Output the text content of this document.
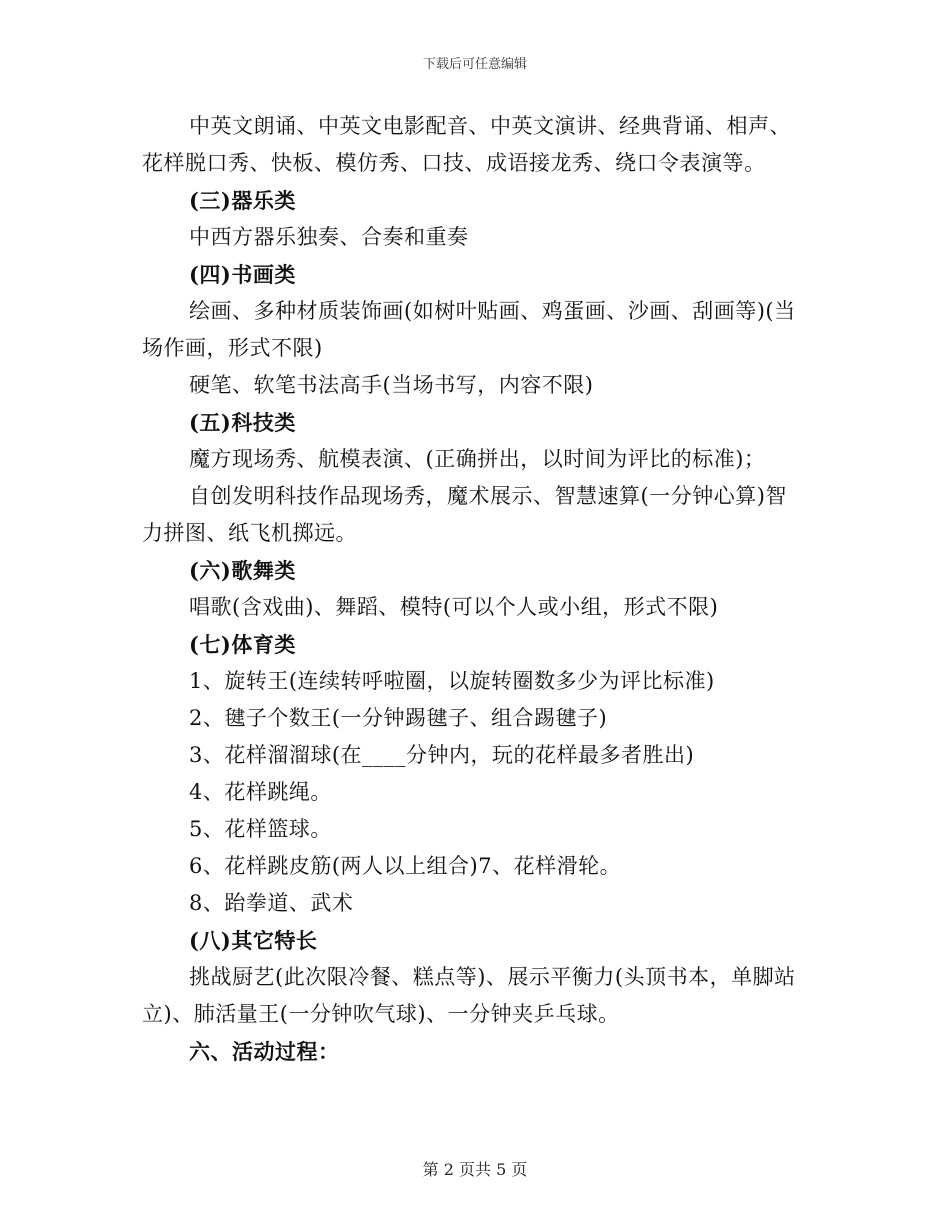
下载后可任意编辑
中英文朗诵、中英文电影配音、中英文演讲、经典背诵、相声、
花样脱口秀、快板、模仿秀、口技、成语接龙秀、绕口令表演等。
(三)器乐类
中西方器乐独奏、合奏和重奏
(四)书画类
绘画、多种材质装饰画(如树叶贴画、鸡蛋画、沙画、刮画等)(当
场作画，形式不限)
硬笔、软笔书法高手(当场书写，内容不限)
(五)科技类
魔方现场秀、航模表演、(正确拼出，以时间为评比的标准)；
自创发明科技作品现场秀，魔术展示、智慧速算(一分钟心算)智
力拼图、纸飞机掷远。
(六)歌舞类
唱歌(含戏曲)、舞蹈、模特(可以个人或小组，形式不限)
(七)体育类
1、旋转王(连续转呼啦圈，以旋转圈数多少为评比标准)
2、毽子个数王(一分钟踢毽子、组合踢毽子)
3、花样溜溜球(在____分钟内，玩的花样最多者胜出)
4、花样跳绳。
5、花样篮球。
6、花样跳皮筋(两人以上组合)7、花样滑轮。
8、跆拳道、武术
(八)其它特长
挑战厨艺(此次限冷餐、糕点等)、展示平衡力(头顶书本，单脚站
立)、肺活量王(一分钟吹气球)、一分钟夹乒乓球。
六、活动过程：
第 2 页共 5 页
